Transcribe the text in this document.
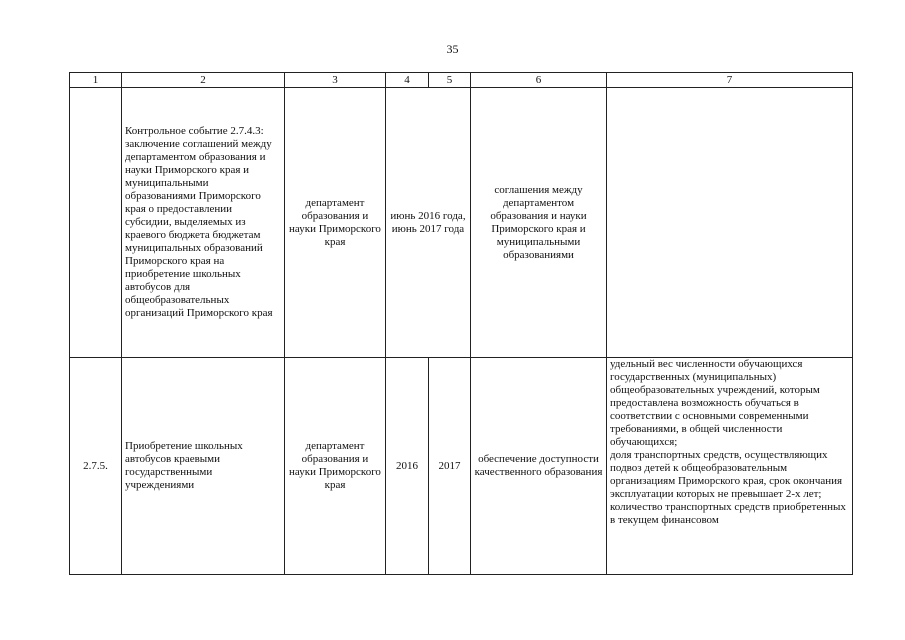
35
1	2	3	4	5	6	7
	Контрольное событие 2.7.4.3: заключение соглашений между департаментом образования и науки Приморского края и муниципальными образованиями Приморского края о предоставлении субсидии, выделяемых из краевого бюджета бюджетам муниципальных образований Приморского края на приобретение школьных автобусов для общеобразовательных организаций Приморского края	департамент образования и науки Приморского края	июнь 2016 года, июнь 2017 года		соглашения между департаментом образования и науки Приморского края и муниципальными образованиями	
2.7.5.	Приобретение школьных автобусов краевыми государственными учреждениями	департамент образования и науки Приморского края	2016	2017	обеспечение доступности качественного образования	удельный вес численности обучающихся государственных (муниципальных) общеобразовательных учреждений, которым предоставлена возможность обучаться в соответствии с основными современными требованиями, в общей численности обучающихся;
доля транспортных средств, осуществляющих подвоз детей к общеобразовательным организациям Приморского края, срок окончания эксплуатации которых не превышает 2-х лет;
количество транспортных средств приобретенных в текущем финансовом
